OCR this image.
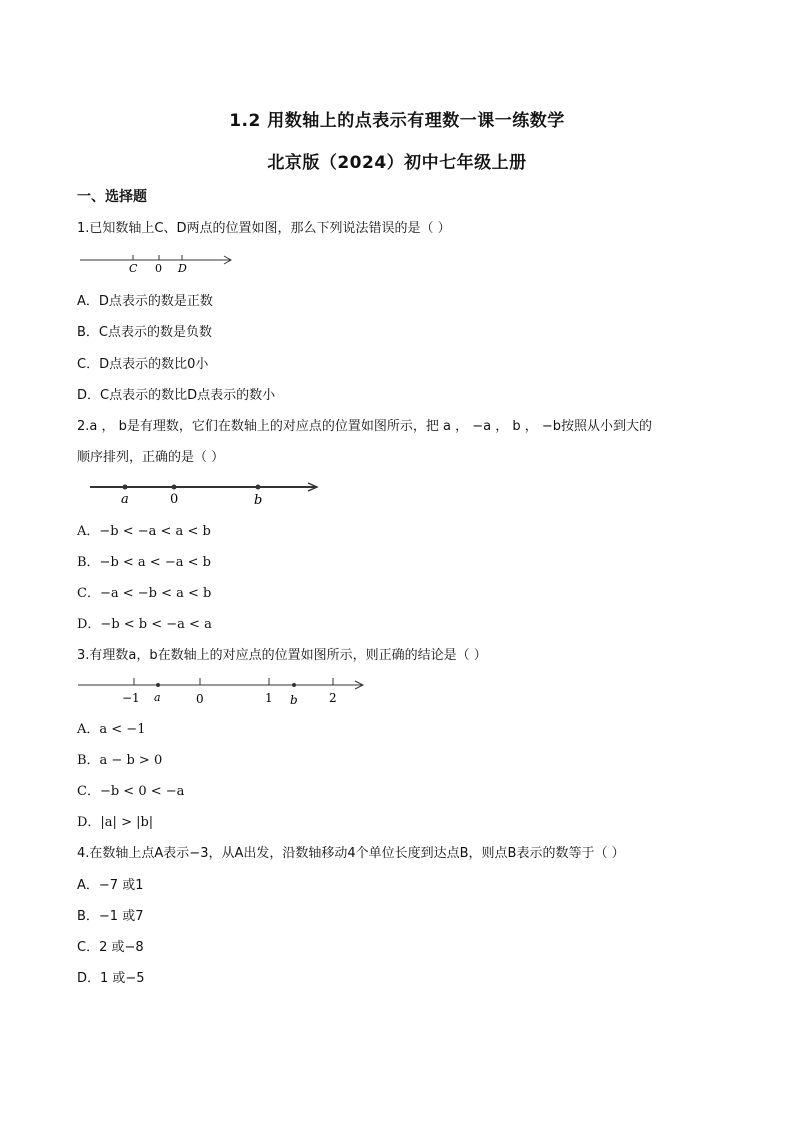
1.2 用数轴上的点表示有理数一课一练数学
北京版（2024）初中七年级上册
一、选择题
1.已知数轴上C、D两点的位置如图，那么下列说法错误的是（ ）
C 0 D
A．D点表示的数是正数
B．C点表示的数是负数
C．D点表示的数比0小
D．C点表示的数比D点表示的数小
2.a ， b是有理数，它们在数轴上的对应点的位置如图所示，把 a ， −a ， b ， −b按照从小到大的
顺序排列，正确的是（ ）
a	0	b
A．−b < −a < a < b
B．−b < a < −a < b
C．−a < −b < a < b
D．−b < b < −a < a
3.有理数a，b在数轴上的对应点的位置如图所示，则正确的结论是（ ）
−1 a	0	1 b	2
A．a < −1
B．a − b > 0
C．−b < 0 < −a
D．|a| > |b|
4.在数轴上点A表示−3，从A出发，沿数轴移动4个单位长度到达点B，则点B表示的数等于（ ）
A．−7 或1
B．−1 或7
C．2 或−8
D．1 或−5
